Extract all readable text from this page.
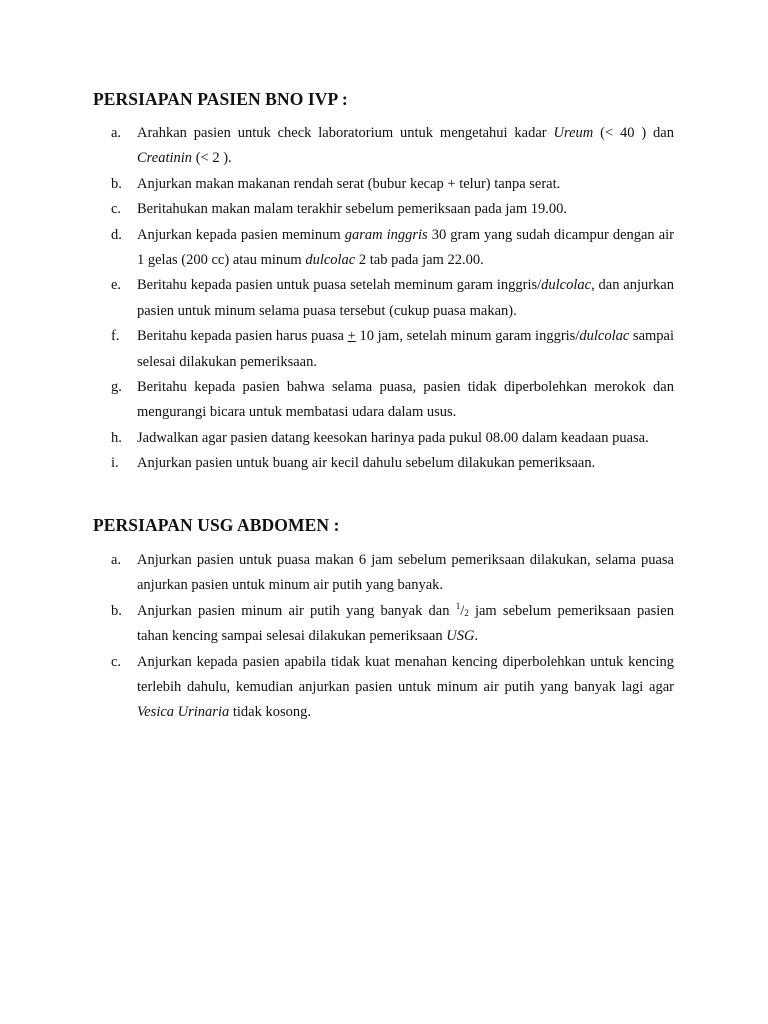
PERSIAPAN PASIEN BNO IVP :
a.	Arahkan pasien untuk check laboratorium untuk mengetahui kadar Ureum (< 40 ) dan Creatinin (< 2 ).
b.	Anjurkan makan makanan rendah serat (bubur kecap + telur) tanpa serat.
c.	Beritahukan makan malam terakhir sebelum pemeriksaan pada jam 19.00.
d.	Anjurkan kepada pasien meminum garam inggris 30 gram yang sudah dicampur dengan air 1 gelas (200 cc) atau minum dulcolac 2 tab pada jam 22.00.
e.	Beritahu kepada pasien untuk puasa setelah meminum garam inggris/dulcolac, dan anjurkan pasien untuk minum selama puasa tersebut (cukup puasa makan).
f.	Beritahu kepada pasien harus puasa + 10 jam, setelah minum garam inggris/dulcolac sampai selesai dilakukan pemeriksaan.
g.	Beritahu kepada pasien bahwa selama puasa, pasien tidak diperbolehkan merokok dan mengurangi bicara untuk membatasi udara dalam usus.
h.	Jadwalkan agar pasien datang keesokan harinya pada pukul 08.00 dalam keadaan puasa.
i.	Anjurkan pasien untuk buang air kecil dahulu sebelum dilakukan pemeriksaan.
PERSIAPAN USG ABDOMEN :
a.	Anjurkan pasien untuk puasa makan 6 jam sebelum pemeriksaan dilakukan, selama puasa anjurkan pasien untuk minum air putih yang banyak.
b.	Anjurkan pasien minum air putih yang banyak dan $^1/_2$ jam sebelum pemeriksaan pasien tahan kencing sampai selesai dilakukan pemeriksaan USG.
c.	Anjurkan kepada pasien apabila tidak kuat menahan kencing diperbolehkan untuk kencing terlebih dahulu, kemudian anjurkan pasien untuk minum air putih yang banyak lagi agar Vesica Urinaria tidak kosong.
